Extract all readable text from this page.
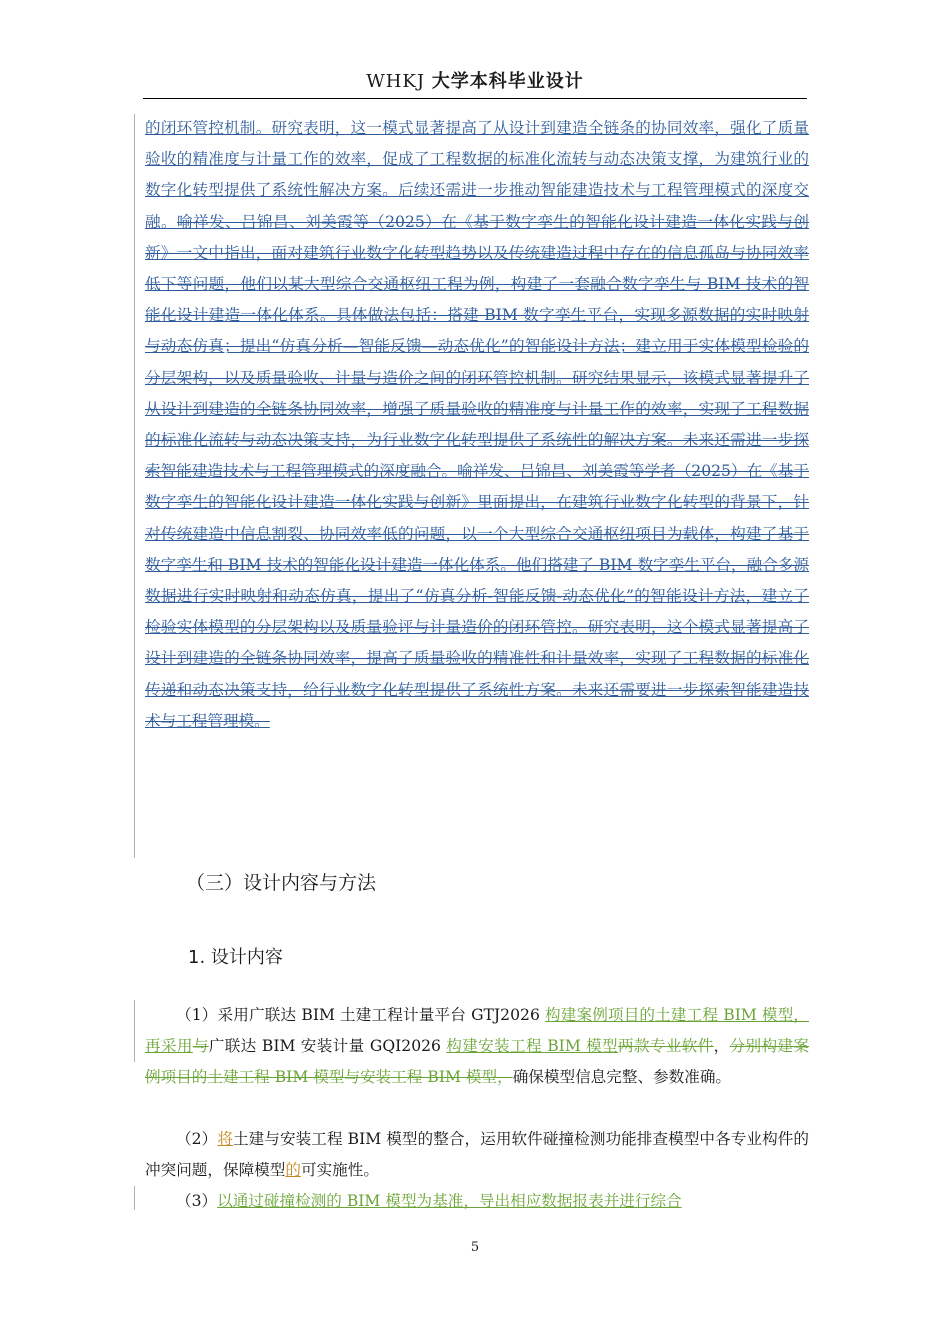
WHKJ 大学本科毕业设计

的闭环管控机制。研究表明，这一模式显著提高了从设计到建造全链条的协同效率，强化了质量验收的精准度与计量工作的效率，促成了工程数据的标准化流转与动态决策支撑，为建筑行业的数字化转型提供了系统性解决方案。后续还需进一步推动智能建造技术与工程管理模式的深度交融。喻祥发、吕锦昌、刘美霞等（2025）在《基于数字孪生的智能化设计建造一体化实践与创新》一文中指出，面对建筑行业数字化转型趋势以及传统建造过程中存在的信息孤岛与协同效率低下等问题，他们以某大型综合交通枢纽工程为例，构建了一套融合数字孪生与 BIM 技术的智能化设计建造一体化体系。具体做法包括：搭建 BIM 数字孪生平台，实现多源数据的实时映射与动态仿真；提出“仿真分析—智能反馈—动态优化”的智能设计方法；建立用于实体模型检验的分层架构，以及质量验收、计量与造价之间的闭环管控机制。研究结果显示，该模式显著提升了从设计到建造的全链条协同效率，增强了质量验收的精准度与计量工作的效率，实现了工程数据的标准化流转与动态决策支持，为行业数字化转型提供了系统性的解决方案。未来还需进一步探索智能建造技术与工程管理模式的深度融合。喻祥发、吕锦昌、刘美霞等学者（2025）在《基于数字孪生的智能化设计建造一体化实践与创新》里面提出，在建筑行业数字化转型的背景下，针对传统建造中信息割裂、协同效率低的问题，以一个大型综合交通枢纽项目为载体，构建了基于数字孪生和 BIM 技术的智能化设计建造一体化体系。他们搭建了 BIM 数字孪生平台，融合多源数据进行实时映射和动态仿真，提出了“仿真分析-智能反馈-动态优化”的智能设计方法，建立了检验实体模型的分层架构以及质量验评与计量造价的闭环管控。研究表明，这个模式显著提高了设计到建造的全链条协同效率，提高了质量验收的精准性和计量效率，实现了工程数据的标准化传递和动态决策支持，给行业数字化转型提供了系统性方案。未来还需要进一步探索智能建造技术与工程管理模。

（三）设计内容与方法
1. 设计内容

（1）采用广联达 BIM 土建工程计量平台 GTJ2026 构建案例项目的土建工程 BIM 模型，再采用与广联达 BIM 安装计量 GQI2026 构建安装工程 BIM 模型两款专业软件，分别构建案例项目的土建工程 BIM 模型与安装工程 BIM 模型，确保模型信息完整、参数准确。

（2）将土建与安装工程 BIM 模型的整合，运用软件碰撞检测功能排查模型中各专业构件的冲突问题，保障模型的可实施性。

（3）以通过碰撞检测的 BIM 模型为基准，导出相应数据报表并进行综合

5
